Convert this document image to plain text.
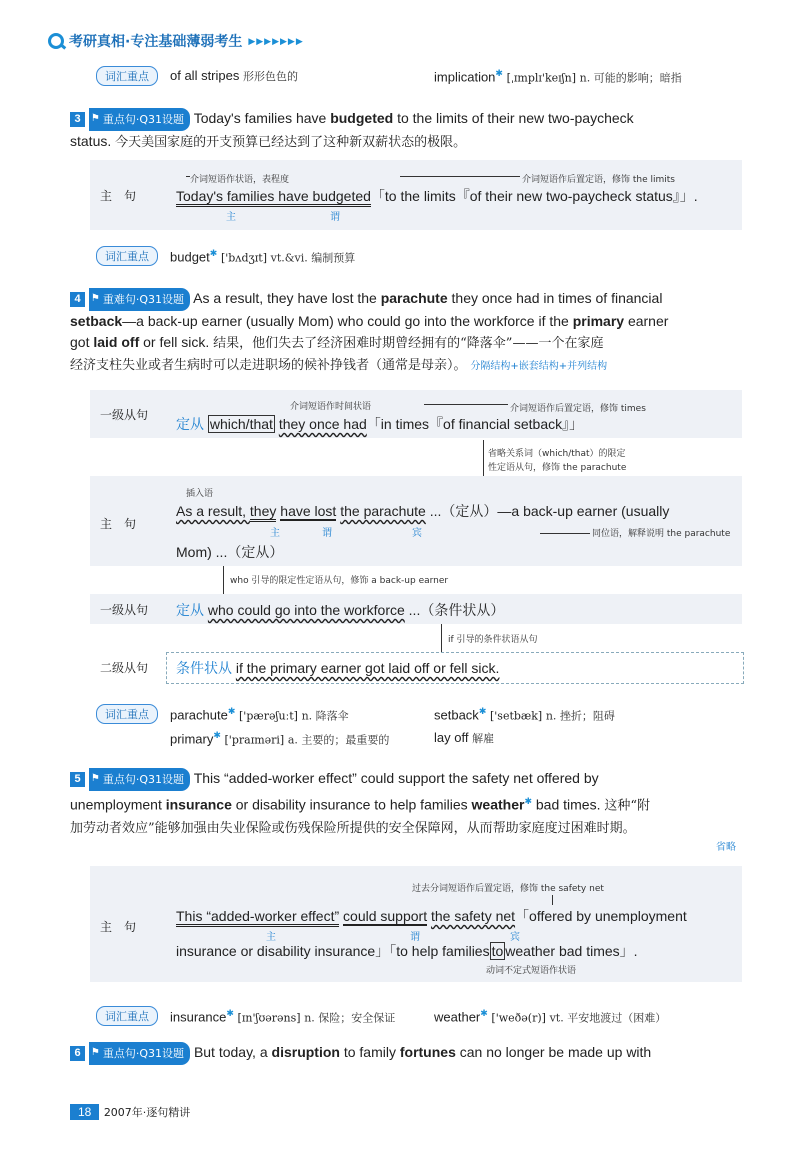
考研真相·专注基础薄弱考生 ▶▶▶▶▶▶▶
词汇重点	of all stripes 形形色色的	implication✱ [ˌɪmplɪ'keɪʃn] n. 可能的影响；暗指
3 ⚑ 重点句·Q31设题 Today's families have budgeted to the limits of their new two-paycheck
status. 今天美国家庭的开支预算已经达到了这种新双薪状态的极限。
主　句
介词短语作状语，表程度	介词短语作后置定语，修饰 the limits
Today's families have budgeted「to the limits『of their new two-paycheck status』」.
主	谓
词汇重点	budget✱ ['bʌdʒɪt] vt.&vi. 编制预算
4 ⚑ 重难句·Q31设题 As a result, they have lost the parachute they once had in times of financial
setback—a back-up earner (usually Mom) who could go into the workforce if the primary earner
got laid off or fell sick. 结果，他们失去了经济困难时期曾经拥有的“降落伞”——一个在家庭
经济支柱失业或者生病时可以走进职场的候补挣钱者（通常是母亲）。 分隔结构+嵌套结构+并列结构
一级从句
介词短语作时间状语	介词短语作后置定语，修饰 times
定从 which/that they once had「in times『of financial setback』」
省略关系词（which/that）的限定
性定语从句，修饰 the parachute
主　句
插入语
As a result, they have lost the parachute ...（定从）—a back-up earner (usually
主	谓	宾	同位语，解释说明 the parachute
Mom) ...（定从）
who 引导的限定性定语从句，修饰 a back-up earner
一级从句 定从 who could go into the workforce ...（条件状从）
if 引导的条件状语从句
二级从句 条件状从 if the primary earner got laid off or fell sick.
词汇重点	parachute✱ ['pærəʃuːt] n. 降落伞	setback✱ ['setbæk] n. 挫折；阻碍
primary✱ ['praɪməri] a. 主要的；最重要的	lay off 解雇
5 ⚑ 重点句·Q31设题 This “added-worker effect” could support the safety net offered by
unemployment insurance or disability insurance to help families weather✱ bad times. 这种“附
加劳动者效应”能够加强由失业保险或伤残保险所提供的安全保障网，从而帮助家庭度过困难时期。
省略
主　句
过去分词短语作后置定语，修饰 the safety net
This “added-worker effect” could support the safety net「offered by unemployment
主	谓	宾
insurance or disability insurance」「to help families to weather bad times」.
动词不定式短语作状语
词汇重点	insurance✱ [ɪn'ʃʊərəns] n. 保险；安全保证	weather✱ ['weðə(r)] vt. 平安地渡过（困难）
6 ⚑ 重点句·Q31设题 But today, a disruption to family fortunes can no longer be made up with
18 2007年·逐句精讲
